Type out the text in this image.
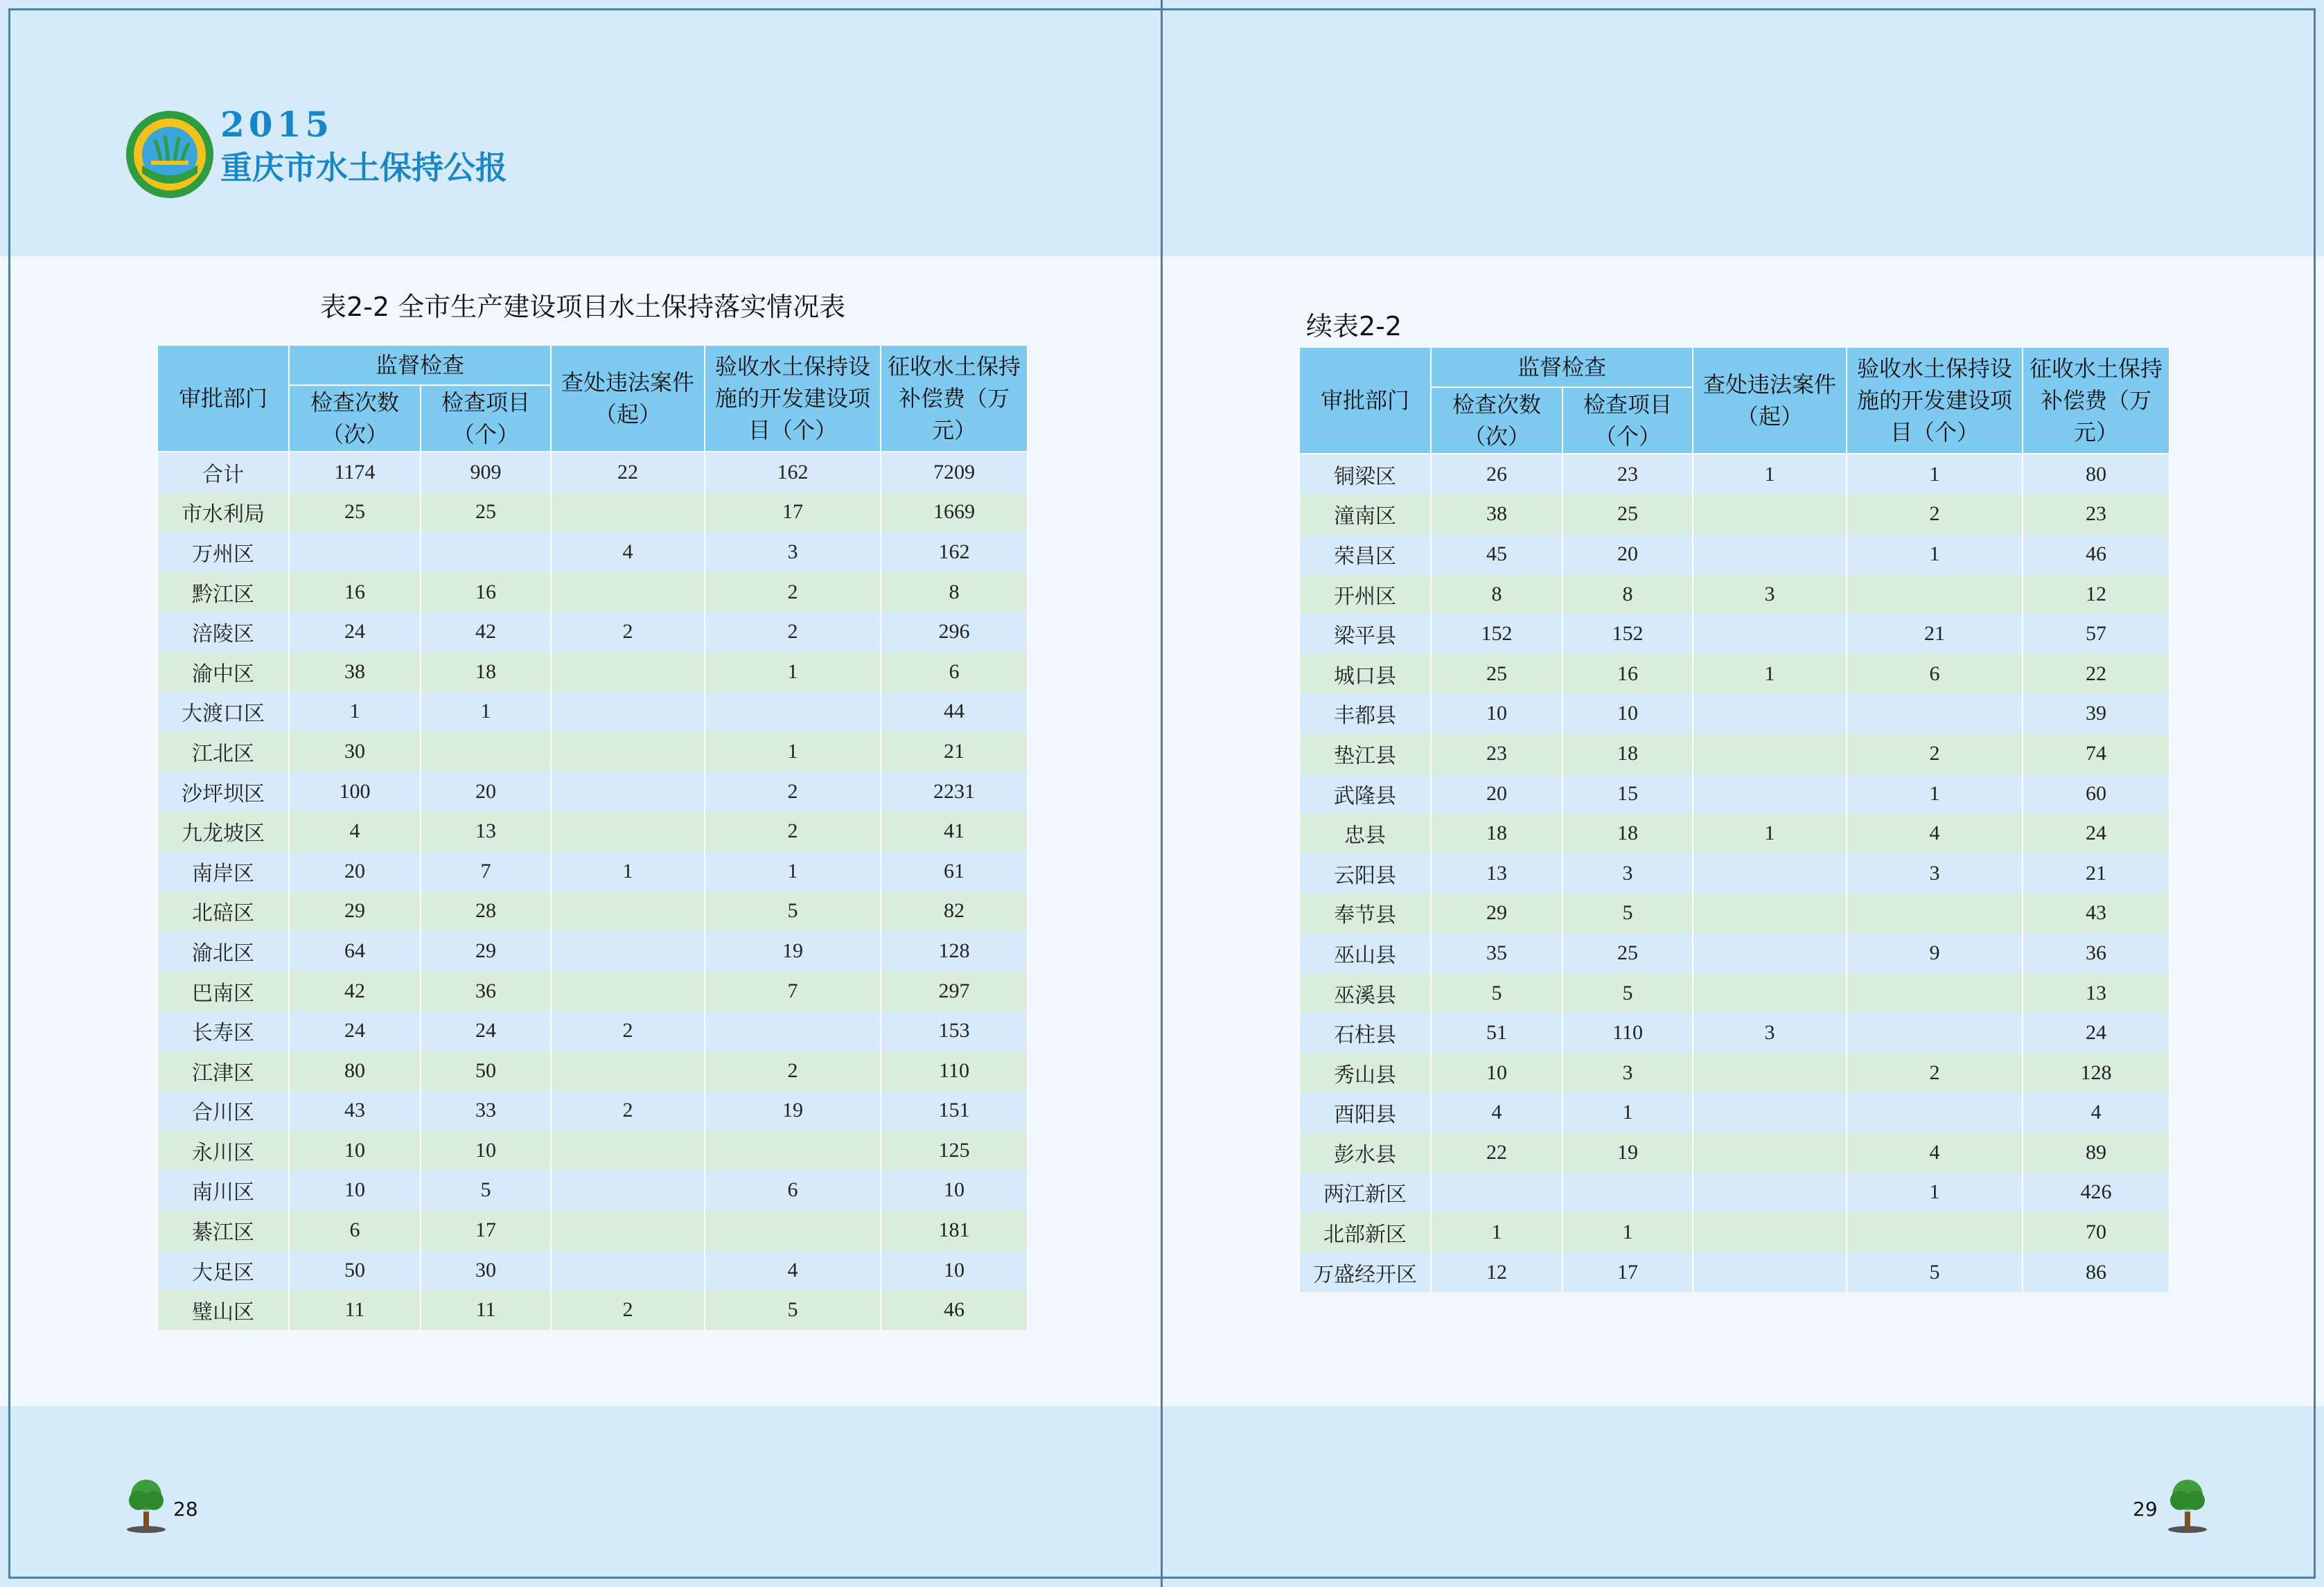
2015
重庆市水土保持公报
表2-2 全市生产建设项目水土保持落实情况表
续表2-2
审批部门	监督检查		查处违法案件（起）	验收水土保持设施的开发建设项目（个）	征收水土保持补偿费（万元）
	检查次数（次）	检查项目（个）			
合计	1174	909	22	162	7209
市水利局	25	25		17	1669
万州区			4	3	162
黔江区	16	16		2	8
涪陵区	24	42	2	2	296
渝中区	38	18		1	6
大渡口区	1	1			44
江北区	30			1	21
沙坪坝区	100	20		2	2231
九龙坡区	4	13		2	41
南岸区	20	7	1	1	61
北碚区	29	28		5	82
渝北区	64	29		19	128
巴南区	42	36		7	297
长寿区	24	24	2		153
江津区	80	50		2	110
合川区	43	33	2	19	151
永川区	10	10			125
南川区	10	5		6	10
綦江区	6	17			181
大足区	50	30		4	10
璧山区	11	11	2	5	46
审批部门	监督检查		查处违法案件（起）	验收水土保持设施的开发建设项目（个）	征收水土保持补偿费（万元）
	检查次数（次）	检查项目（个）			
铜梁区	26	23	1	1	80
潼南区	38	25		2	23
荣昌区	45	20		1	46
开州区	8	8	3		12
梁平县	152	152		21	57
城口县	25	16	1	6	22
丰都县	10	10			39
垫江县	23	18		2	74
武隆县	20	15		1	60
忠县	18	18	1	4	24
云阳县	13	3		3	21
奉节县	29	5			43
巫山县	35	25		9	36
巫溪县	5	5			13
石柱县	51	110	3		24
秀山县	10	3		2	128
酉阳县	4	1			4
彭水县	22	19		4	89
两江新区				1	426
北部新区	1	1			70
万盛经开区	12	17		5	86
28	29
